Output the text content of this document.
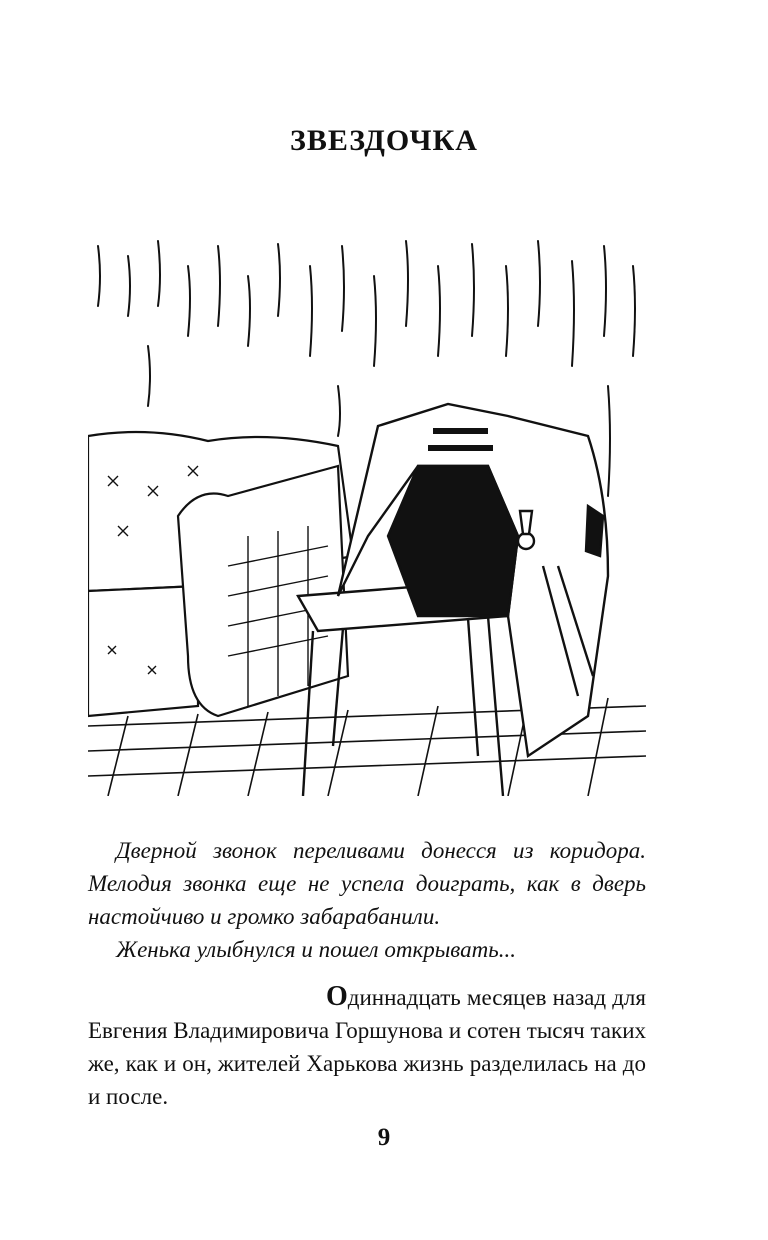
ЗВЕЗДОЧКА

Дверной звонок переливами донесся из коридора. Мелодия звонка еще не успела доиграть, как в дверь настойчиво и громко забарабанили.

Женька улыбнулся и пошел открывать...

Одиннадцать месяцев назад для Евгения Владимировича Горшунова и сотен тысяч таких же, как и он, жителей Харькова жизнь разделилась на до и после.

9
